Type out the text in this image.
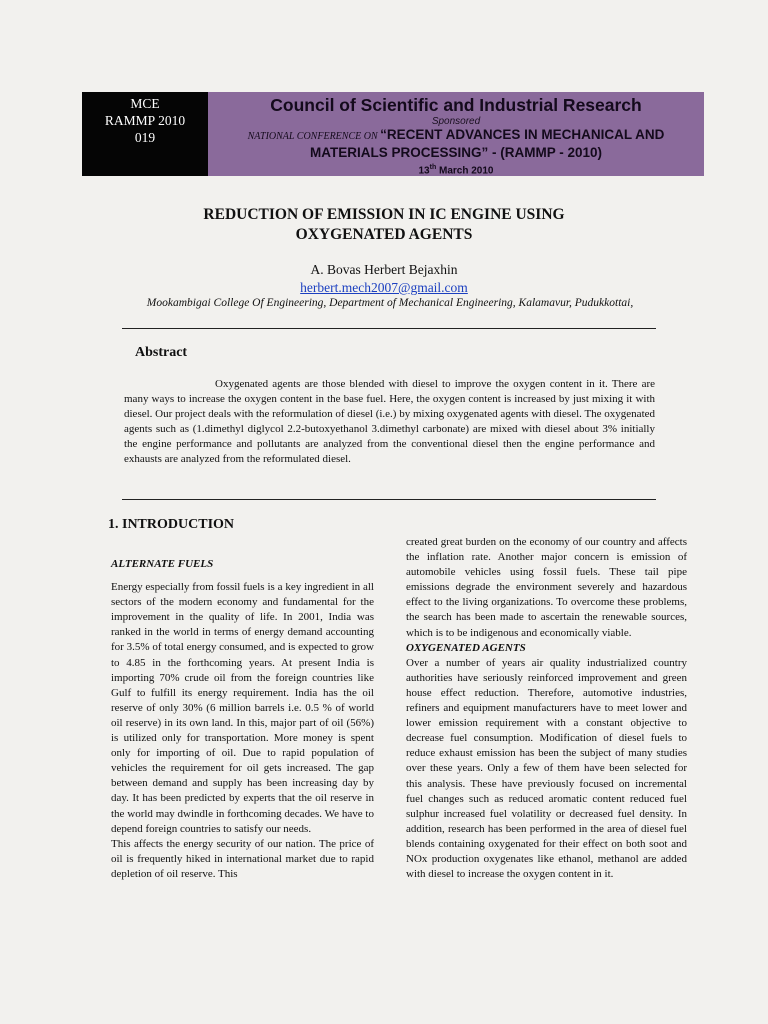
MCE
RAMMP 2010
019
Council of Scientific and Industrial Research
Sponsored
NATIONAL CONFERENCE ON “RECENT ADVANCES IN MECHANICAL AND
MATERIALS PROCESSING” - (RAMMP - 2010)
13th March 2010
REDUCTION OF EMISSION IN IC ENGINE USING
OXYGENATED AGENTS
A. Bovas Herbert Bejaxhin
herbert.mech2007@gmail.com
Mookambigai College Of Engineering, Department of Mechanical Engineering, Kalamavur, Pudukkottai,
Abstract
Oxygenated agents are those blended with diesel to improve the oxygen content in it. There are many ways to increase the oxygen content in the base fuel. Here, the oxygen content is increased by just mixing it with diesel. Our project deals with the reformulation of diesel (i.e.) by mixing oxygenated agents with diesel. The oxygenated agents such as (1.dimethyl diglycol 2.2-butoxyethanol 3.dimethyl carbonate) are mixed with diesel about 3% initially the engine performance and pollutants are analyzed from the conventional diesel then the engine performance and exhausts are analyzed from the reformulated diesel.
1. INTRODUCTION
ALTERNATE FUELS

Energy especially from fossil fuels is a key ingredient in all sectors of the modern economy and fundamental for the improvement in the quality of life. In 2001, India was ranked in the world in terms of energy demand accounting for 3.5% of total energy consumed, and is expected to grow to 4.85 in the forthcoming years. At present India is importing 70% crude oil from the foreign countries like Gulf to fulfill its energy requirement. India has the oil reserve of only 30% (6 million barrels i.e. 0.5 % of world oil reserve) in its own land. In this, major part of oil (56%) is utilized only for transportation. More money is spent only for importing of oil. Due to rapid population of vehicles the requirement for oil gets increased. The gap between demand and supply has been increasing day by day. It has been predicted by experts that the oil reserve in the world may dwindle in forthcoming decades. We have to depend foreign countries to satisfy our needs.

This affects the energy security of our nation. The price of oil is frequently hiked in international market due to rapid depletion of oil reserve. This

created great burden on the economy of our country and affects the inflation rate. Another major concern is emission of automobile vehicles using fossil fuels. These tail pipe emissions degrade the environment severely and hazardous effect to the living organizations. To overcome these problems, the search has been made to ascertain the renewable sources, which is to be indigenous and economically viable.

OXYGENATED AGENTS

Over a number of years air quality industrialized country authorities have seriously reinforced improvement and green house effect reduction. Therefore, automotive industries, refiners and equipment manufacturers have to meet lower and lower emission requirement with a constant objective to decrease fuel consumption. Modification of diesel fuels to reduce exhaust emission has been the subject of many studies over these years. Only a few of them have been selected for this analysis. These have previously focused on incremental fuel changes such as reduced aromatic content reduced fuel sulphur increased fuel volatility or decreased fuel density. In addition, research has been performed in the area of diesel fuel blends containing oxygenated for their effect on both soot and NOx production oxygenates like ethanol, methanol are added with diesel to increase the oxygen content in it.
